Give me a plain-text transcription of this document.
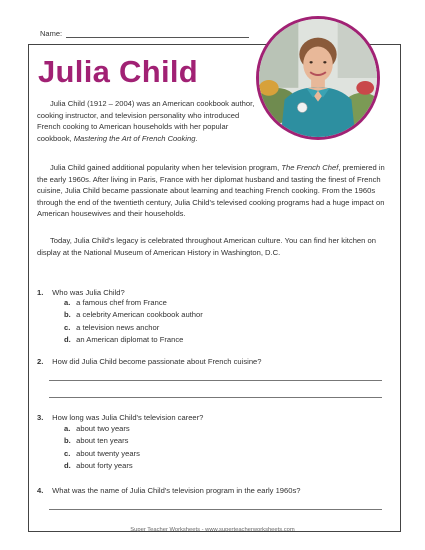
Name:
Julia Child

Julia Child (1912 – 2004) was an American cookbook author, cooking instructor, and television personality who introduced French cooking to American households with her popular cookbook, Mastering the Art of French Cooking.

Julia Child gained additional popularity when her television program, The French Chef, premiered in the early 1960s. After living in Paris, France with her diplomat husband and tasting the finest of French cuisine, Julia Child became passionate about learning and teaching French cooking. From the 1960s through the end of the twentieth century, Julia Child's televised cooking programs had a huge impact on American housewives and their households.

Today, Julia Child's legacy is celebrated throughout American culture. You can find her kitchen on display at the National Museum of American History in Washington, D.C.

1. Who was Julia Child?
a. a famous chef from France
b. a celebrity American cookbook author
c. a television news anchor
d. an American diplomat to France
2. How did Julia Child become passionate about French cuisine?
3. How long was Julia Child's television career?
a. about two years
b. about ten years
c. about twenty years
d. about forty years
4. What was the name of Julia Child's television program in the early 1960s?
Super Teacher Worksheets - www.superteacherworksheets.com
